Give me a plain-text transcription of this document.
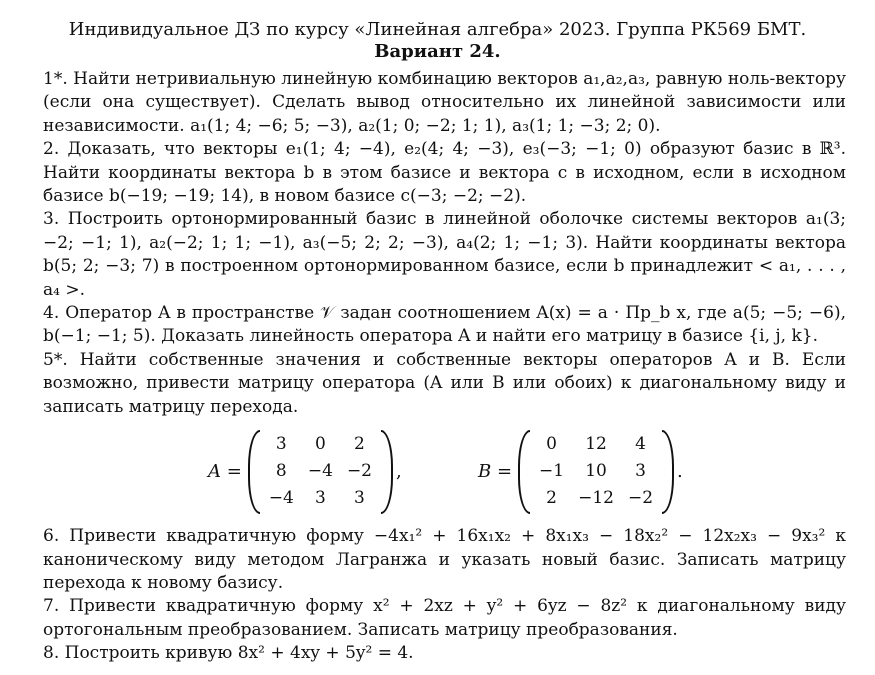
Индивидуальное ДЗ по курсу «Линейная алгебра» 2023. Группа РК569 БМТ.

Вариант 24.

1*. Найти нетривиальную линейную комбинацию векторов a₁,a₂,a₃, равную ноль-вектору (если она существует). Сделать вывод относительно их линейной зависимости или независимости. a₁(1; 4; −6; 5; −3), a₂(1; 0; −2; 1; 1), a₃(1; 1; −3; 2; 0).

2. Доказать, что векторы e₁(1; 4; −4), e₂(4; 4; −3), e₃(−3; −1; 0) образуют базис в ℝ³. Найти координаты вектора b в этом базисе и вектора c в исходном, если в исходном базисе b(−19; −19; 14), в новом базисе c(−3; −2; −2).

3. Построить ортонормированный базис в линейной оболочке системы векторов a₁(3; −2; −1; 1), a₂(−2; 1; 1; −1), a₃(−5; 2; 2; −3), a₄(2; 1; −1; 3). Найти координаты вектора b(5; 2; −3; 7) в построенном ортонормированном базисе, если b принадлежит < a₁, . . . , a₄ >.

4. Оператор A в пространстве 𝒱 задан соотношением A(x) = a · Пр_b x, где a(5; −5; −6), b(−1; −1; 5). Доказать линейность оператора A и найти его матрицу в базисе {i, j, k}.

5*. Найти собственные значения и собственные векторы операторов A и B. Если возможно, привести матрицу оператора (A или B или обоих) к диагональному виду и записать матрицу перехода.

A =
3	0	2
8	−4	−2
−4	3	3
,	B =
0	12	4
−1	10	3
2	−12	−2
.

6. Привести квадратичную форму −4x₁² + 16x₁x₂ + 8x₁x₃ − 18x₂² − 12x₂x₃ − 9x₃² к каноническому виду методом Лагранжа и указать новый базис. Записать матрицу перехода к новому базису.

7. Привести квадратичную форму x² + 2xz + y² + 6yz − 8z² к диагональному виду ортогональным преобразованием. Записать матрицу преобразования.

8. Построить кривую 8x² + 4xy + 5y² = 4.
